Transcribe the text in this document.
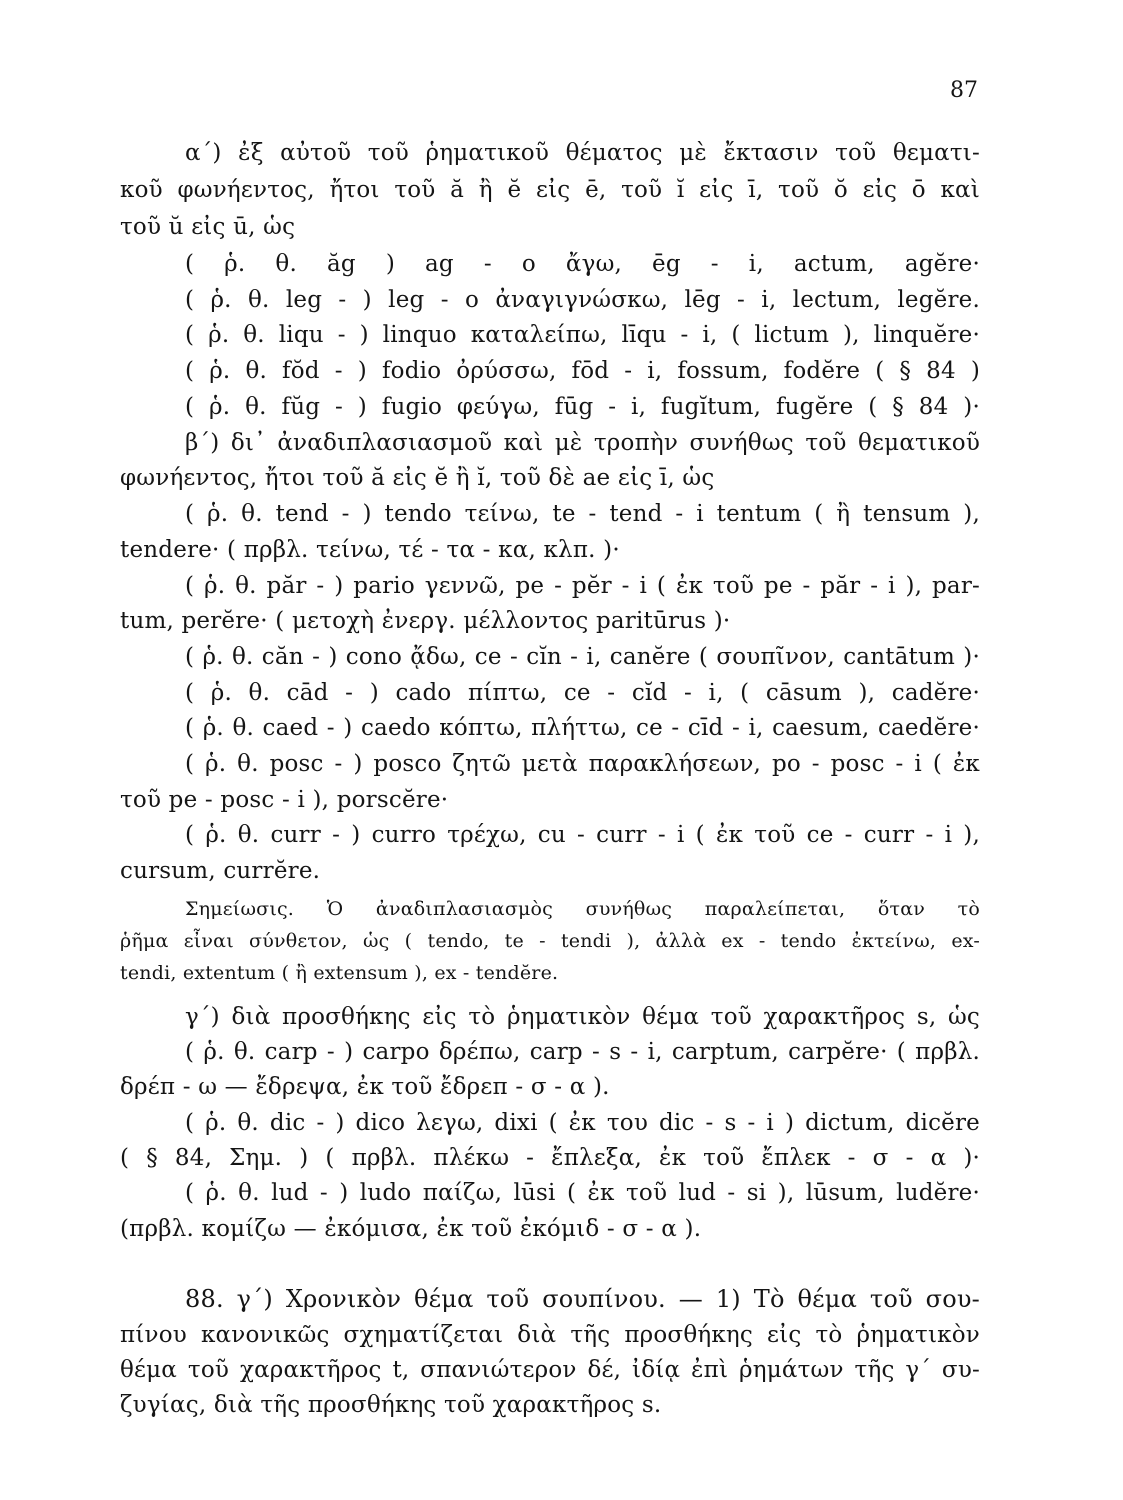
87
α΄) ἐξ αὐτοῦ τοῦ ῥηματικοῦ θέματος μὲ ἔκτασιν τοῦ θεματι-
κοῦ φωνήεντος, ἤτοι τοῦ ă ἢ ĕ εἰς ē, τοῦ ĭ εἰς ī, τοῦ ŏ εἰς ō καὶ
τοῦ ŭ εἰς ū, ὡς
( ῥ. θ. ăg ) ag - o ἄγω, ēg - i, actum, agĕre·
( ῥ. θ. leg - ) leg - o ἀναγιγνώσκω, lēg - i, lectum, legĕre.
( ῥ. θ. liqu - ) linquo καταλείπω, līqu - i, ( lictum ), linquĕre·
( ῥ. θ. fŏd - ) fodio ὀρύσσω, fōd - i, fossum, fodĕre ( § 84 )
( ῥ. θ. fŭg - ) fugio φεύγω, fūg - i, fugĭtum, fugĕre ( § 84 )·
β΄) δι᾽ ἀναδιπλασιασμοῦ καὶ μὲ τροπὴν συνήθως τοῦ θεματικοῦ
φωνήεντος, ἤτοι τοῦ ă εἰς ĕ ἢ ĭ, τοῦ δὲ ae εἰς ī, ὡς
( ῥ. θ. tend - ) tendo τείνω, te - tend - i tentum ( ἢ tensum ),
tendere· ( πρβλ. τείνω, τέ - τα - κα, κλπ. )·
( ῥ. θ. păr - ) pario γεννῶ, pe - pĕr - i ( ἐκ τοῦ pe - păr - i ), par-
tum, perĕre· ( μετοχὴ ἐνεργ. μέλλοντος paritūrus )·
( ῥ. θ. căn - ) cono ᾄδω, ce - cĭn - i, canĕre ( σουπῖνον, cantātum )·
( ῥ. θ. cād - ) cado πίπτω, ce - cĭd - i, ( cāsum ), cadĕre·
( ῥ. θ. caed - ) caedo κόπτω, πλήττω, ce - cīd - i, caesum, caedĕre·
( ῥ. θ. posc - ) posco ζητῶ μετὰ παρακλήσεων, po - posc - i ( ἐκ
τοῦ pe - posc - i ), porscĕre·
( ῥ. θ. curr - ) curro τρέχω, cu - curr - i ( ἐκ τοῦ ce - curr - i ),
cursum, currĕre.
Σημείωσις. Ὁ ἀναδιπλασιασμὸς συνήθως παραλείπεται, ὅταν τὸ
ῥῆμα εἶναι σύνθετον, ὡς ( tendo, te - tendi ), ἀλλὰ ex - tendo ἐκτείνω, ex-
tendi, extentum ( ἢ extensum ), ex - tendĕre.
γ΄) διὰ προσθήκης εἰς τὸ ῥηματικὸν θέμα τοῦ χαρακτῆρος s, ὡς
( ῥ. θ. carp - ) carpo δρέπω, carp - s - i, carptum, carpĕre· ( πρβλ.
δρέπ - ω — ἔδρεψα, ἐκ τοῦ ἔδρεπ - σ - α ).
( ῥ. θ. dic - ) dico λεγω, dixi ( ἐκ του dic - s - i ) dictum, dicĕre
( § 84, Σημ. ) ( πρβλ. πλέκω - ἔπλεξα, ἐκ τοῦ ἔπλεκ - σ - α )·
( ῥ. θ. lud - ) ludo παίζω, lūsi ( ἐκ τοῦ lud - si ), lūsum, ludĕre·
(πρβλ. κομίζω — ἐκόμισα, ἐκ τοῦ ἐκόμιδ - σ - α ).
88. γ΄) Χρονικὸν θέμα τοῦ σουπίνου. — 1) Τὸ θέμα τοῦ σου-
πίνου κανονικῶς σχηματίζεται διὰ τῆς προσθήκης εἰς τὸ ῥηματικὸν
θέμα τοῦ χαρακτῆρος t, σπανιώτερον δέ, ἰδίᾳ ἐπὶ ῥημάτων τῆς γ΄ συ-
ζυγίας, διὰ τῆς προσθήκης τοῦ χαρακτῆρος s.
